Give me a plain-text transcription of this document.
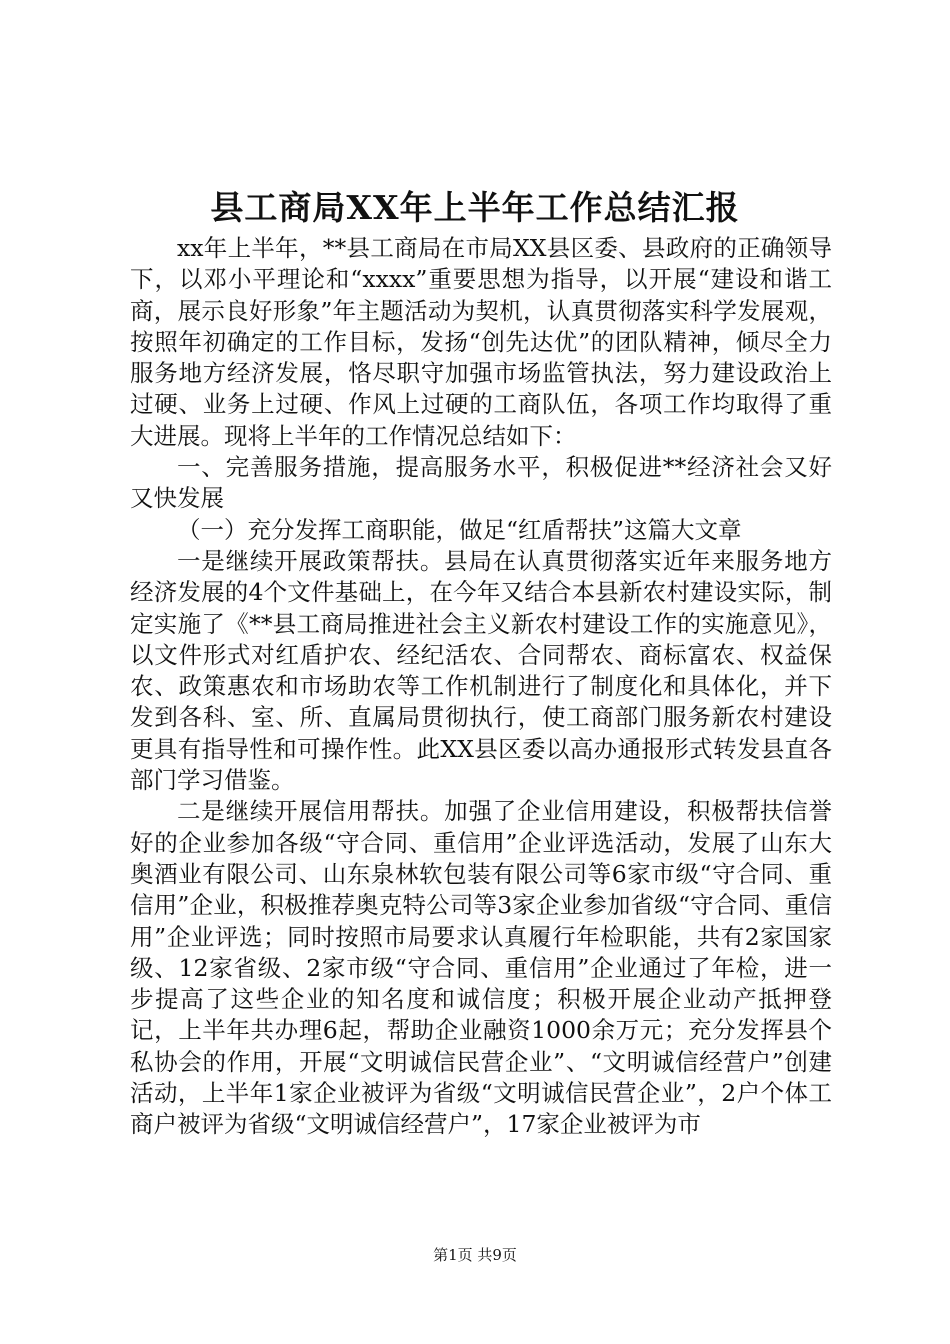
县工商局XX年上半年工作总结汇报

xx年上半年，**县工商局在市局XX县区委、县政府的正确领导下，以邓小平理论和“xxxx”重要思想为指导，以开展“建设和谐工商，展示良好形象”年主题活动为契机，认真贯彻落实科学发展观，按照年初确定的工作目标，发扬“创先达优”的团队精神，倾尽全力服务地方经济发展，恪尽职守加强市场监管执法，努力建设政治上过硬、业务上过硬、作风上过硬的工商队伍，各项工作均取得了重大进展。现将上半年的工作情况总结如下：

一、完善服务措施，提高服务水平，积极促进**经济社会又好又快发展

（一）充分发挥工商职能，做足“红盾帮扶”这篇大文章

一是继续开展政策帮扶。县局在认真贯彻落实近年来服务地方经济发展的4个文件基础上，在今年又结合本县新农村建设实际，制定实施了《**县工商局推进社会主义新农村建设工作的实施意见》，以文件形式对红盾护农、经纪活农、合同帮农、商标富农、权益保农、政策惠农和市场助农等工作机制进行了制度化和具体化，并下发到各科、室、所、直属局贯彻执行，使工商部门服务新农村建设更具有指导性和可操作性。此XX县区委以高办通报形式转发县直各部门学习借鉴。

二是继续开展信用帮扶。加强了企业信用建设，积极帮扶信誉好的企业参加各级“守合同、重信用”企业评选活动，发展了山东大奥酒业有限公司、山东泉林软包装有限公司等6家市级“守合同、重信用”企业，积极推荐奥克特公司等3家企业参加省级“守合同、重信用”企业评选；同时按照市局要求认真履行年检职能，共有2家国家级、12家省级、2家市级“守合同、重信用”企业通过了年检，进一步提高了这些企业的知名度和诚信度；积极开展企业动产抵押登记，上半年共办理6起，帮助企业融资1000余万元；充分发挥县个私协会的作用，开展“文明诚信民营企业”、“文明诚信经营户”创建活动，上半年1家企业被评为省级“文明诚信民营企业”，2户个体工商户被评为省级“文明诚信经营户”，17家企业被评为市

第1页 共9页
